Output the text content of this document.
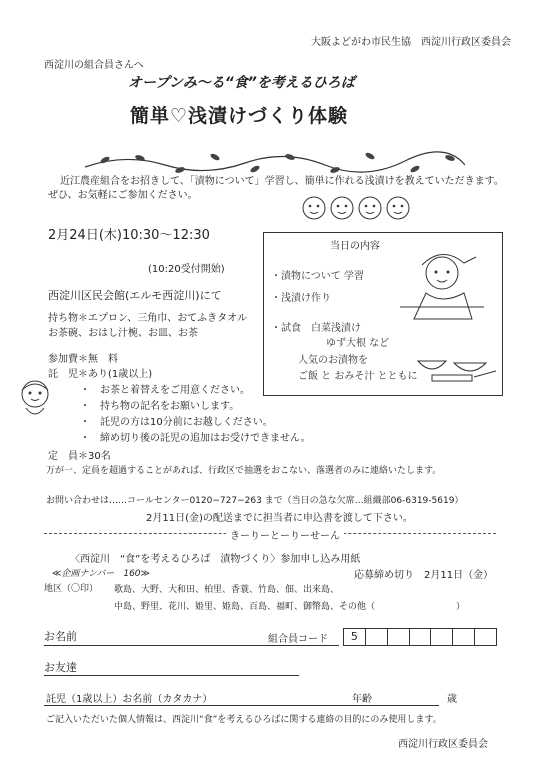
大阪よどがわ市民生協　西淀川行政区委員会
西淀川の組合員さんへ
オープンみ〜る“食”を考えるひろば
簡単♡浅漬けづくり体験
近江農産組合をお招きして、「漬物について」学習し、簡単に作れる浅漬けを教えていただきます。
ぜひ、お気軽にご参加ください。
2月24日(木)10:30〜12:30
(10:20受付開始)
西淀川区民会館(エルモ西淀川)にて
持ち物＊エプロン、三角巾、おてふきタオル
お茶碗、おはし汁椀、お皿、お茶
参加費＊無　料
託　児＊あり(1歳以上)
・　お茶と着替えをご用意ください。
・　持ち物の記名をお願いします。
・　託児の方は10分前にお越しください。
・　締め切り後の託児の追加はお受けできません。
定　員＊30名
万が一、定員を超過することがあれば、行政区で抽選をおこない、落選者のみに連絡いたします。
お問い合わせは……コールセンター0120−727−263 まで（当日の急な欠席…組織部06-6319-5619）
2月11日(金)の配送までに担当者に申込書を渡して下さい。
当日の内容
・漬物について 学習
・浅漬け作り
・試食　白菜浅漬け
ゆず大根 など
人気のお漬物を
ご飯 と おみそ汁 とともに
きーりーとーりーせーん
〈西淀川　“食”を考えるひろば　漬物づくり〉参加申し込み用紙
≪企画ナンバー　160≫	応募締め切り　2月11日（金）
地区（〇印） 歌島、大野、大和田、柏里、香蓑、竹島、佃、出来島、
中島、野里、花川、姫里、姫島、百島、福町、御幣島、その他（　　　　　　　　　）
お名前	組合員コード	5
お友達
託児（1歳以上）お名前（カタカナ）	年齢	歳
ご記入いただいた個人情報は、西淀川“食”を考えるひろばに関する連絡の目的にのみ使用します。
西淀川行政区委員会
